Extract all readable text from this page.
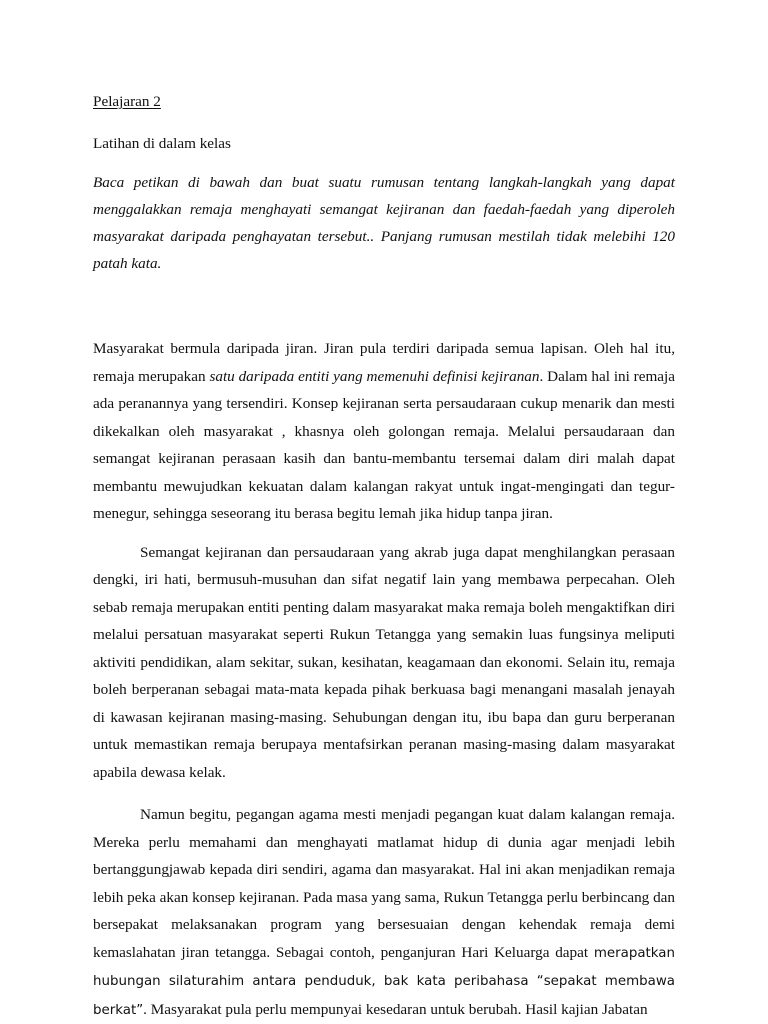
Pelajaran 2

Latihan di dalam kelas

Baca petikan di bawah dan buat suatu rumusan tentang langkah-langkah yang dapat menggalakkan remaja menghayati semangat kejiranan dan faedah-faedah yang diperoleh masyarakat daripada penghayatan tersebut.. Panjang rumusan mestilah tidak melebihi 120 patah kata.

Masyarakat bermula daripada jiran. Jiran pula terdiri daripada semua lapisan. Oleh hal itu, remaja merupakan satu daripada entiti yang memenuhi definisi kejiranan. Dalam hal ini remaja ada peranannya yang tersendiri. Konsep kejiranan serta persaudaraan cukup menarik dan mesti dikekalkan oleh masyarakat , khasnya oleh golongan remaja. Melalui persaudaraan dan semangat kejiranan perasaan kasih dan bantu-membantu tersemai dalam diri malah dapat membantu mewujudkan kekuatan dalam kalangan rakyat untuk ingat-mengingati dan tegur-menegur, sehingga seseorang itu berasa begitu lemah jika hidup tanpa jiran.

Semangat kejiranan dan persaudaraan yang akrab juga dapat menghilangkan perasaan dengki, iri hati, bermusuh-musuhan dan sifat negatif lain yang membawa perpecahan. Oleh sebab remaja merupakan entiti penting dalam masyarakat maka remaja boleh mengaktifkan diri melalui persatuan masyarakat seperti Rukun Tetangga yang semakin luas fungsinya meliputi aktiviti pendidikan, alam sekitar, sukan, kesihatan, keagamaan dan ekonomi. Selain itu, remaja boleh berperanan sebagai mata-mata kepada pihak berkuasa bagi menangani masalah jenayah di kawasan kejiranan masing-masing. Sehubungan dengan itu, ibu bapa dan guru berperanan untuk memastikan remaja berupaya mentafsirkan peranan masing-masing dalam masyarakat apabila dewasa kelak.

Namun begitu, pegangan agama mesti menjadi pegangan kuat dalam kalangan remaja. Mereka perlu memahami dan menghayati matlamat hidup di dunia agar menjadi lebih bertanggungjawab kepada diri sendiri, agama dan masyarakat. Hal ini akan menjadikan remaja lebih peka akan konsep kejiranan. Pada masa yang sama, Rukun Tetangga perlu berbincang dan bersepakat melaksanakan program yang bersesuaian dengan kehendak remaja demi kemaslahatan jiran tetangga. Sebagai contoh, penganjuran Hari Keluarga dapat merapatkan hubungan silaturahim antara penduduk, bak kata peribahasa “sepakat membawa berkat”. Masyarakat pula perlu mempunyai kesedaran untuk berubah. Hasil kajian Jabatan
